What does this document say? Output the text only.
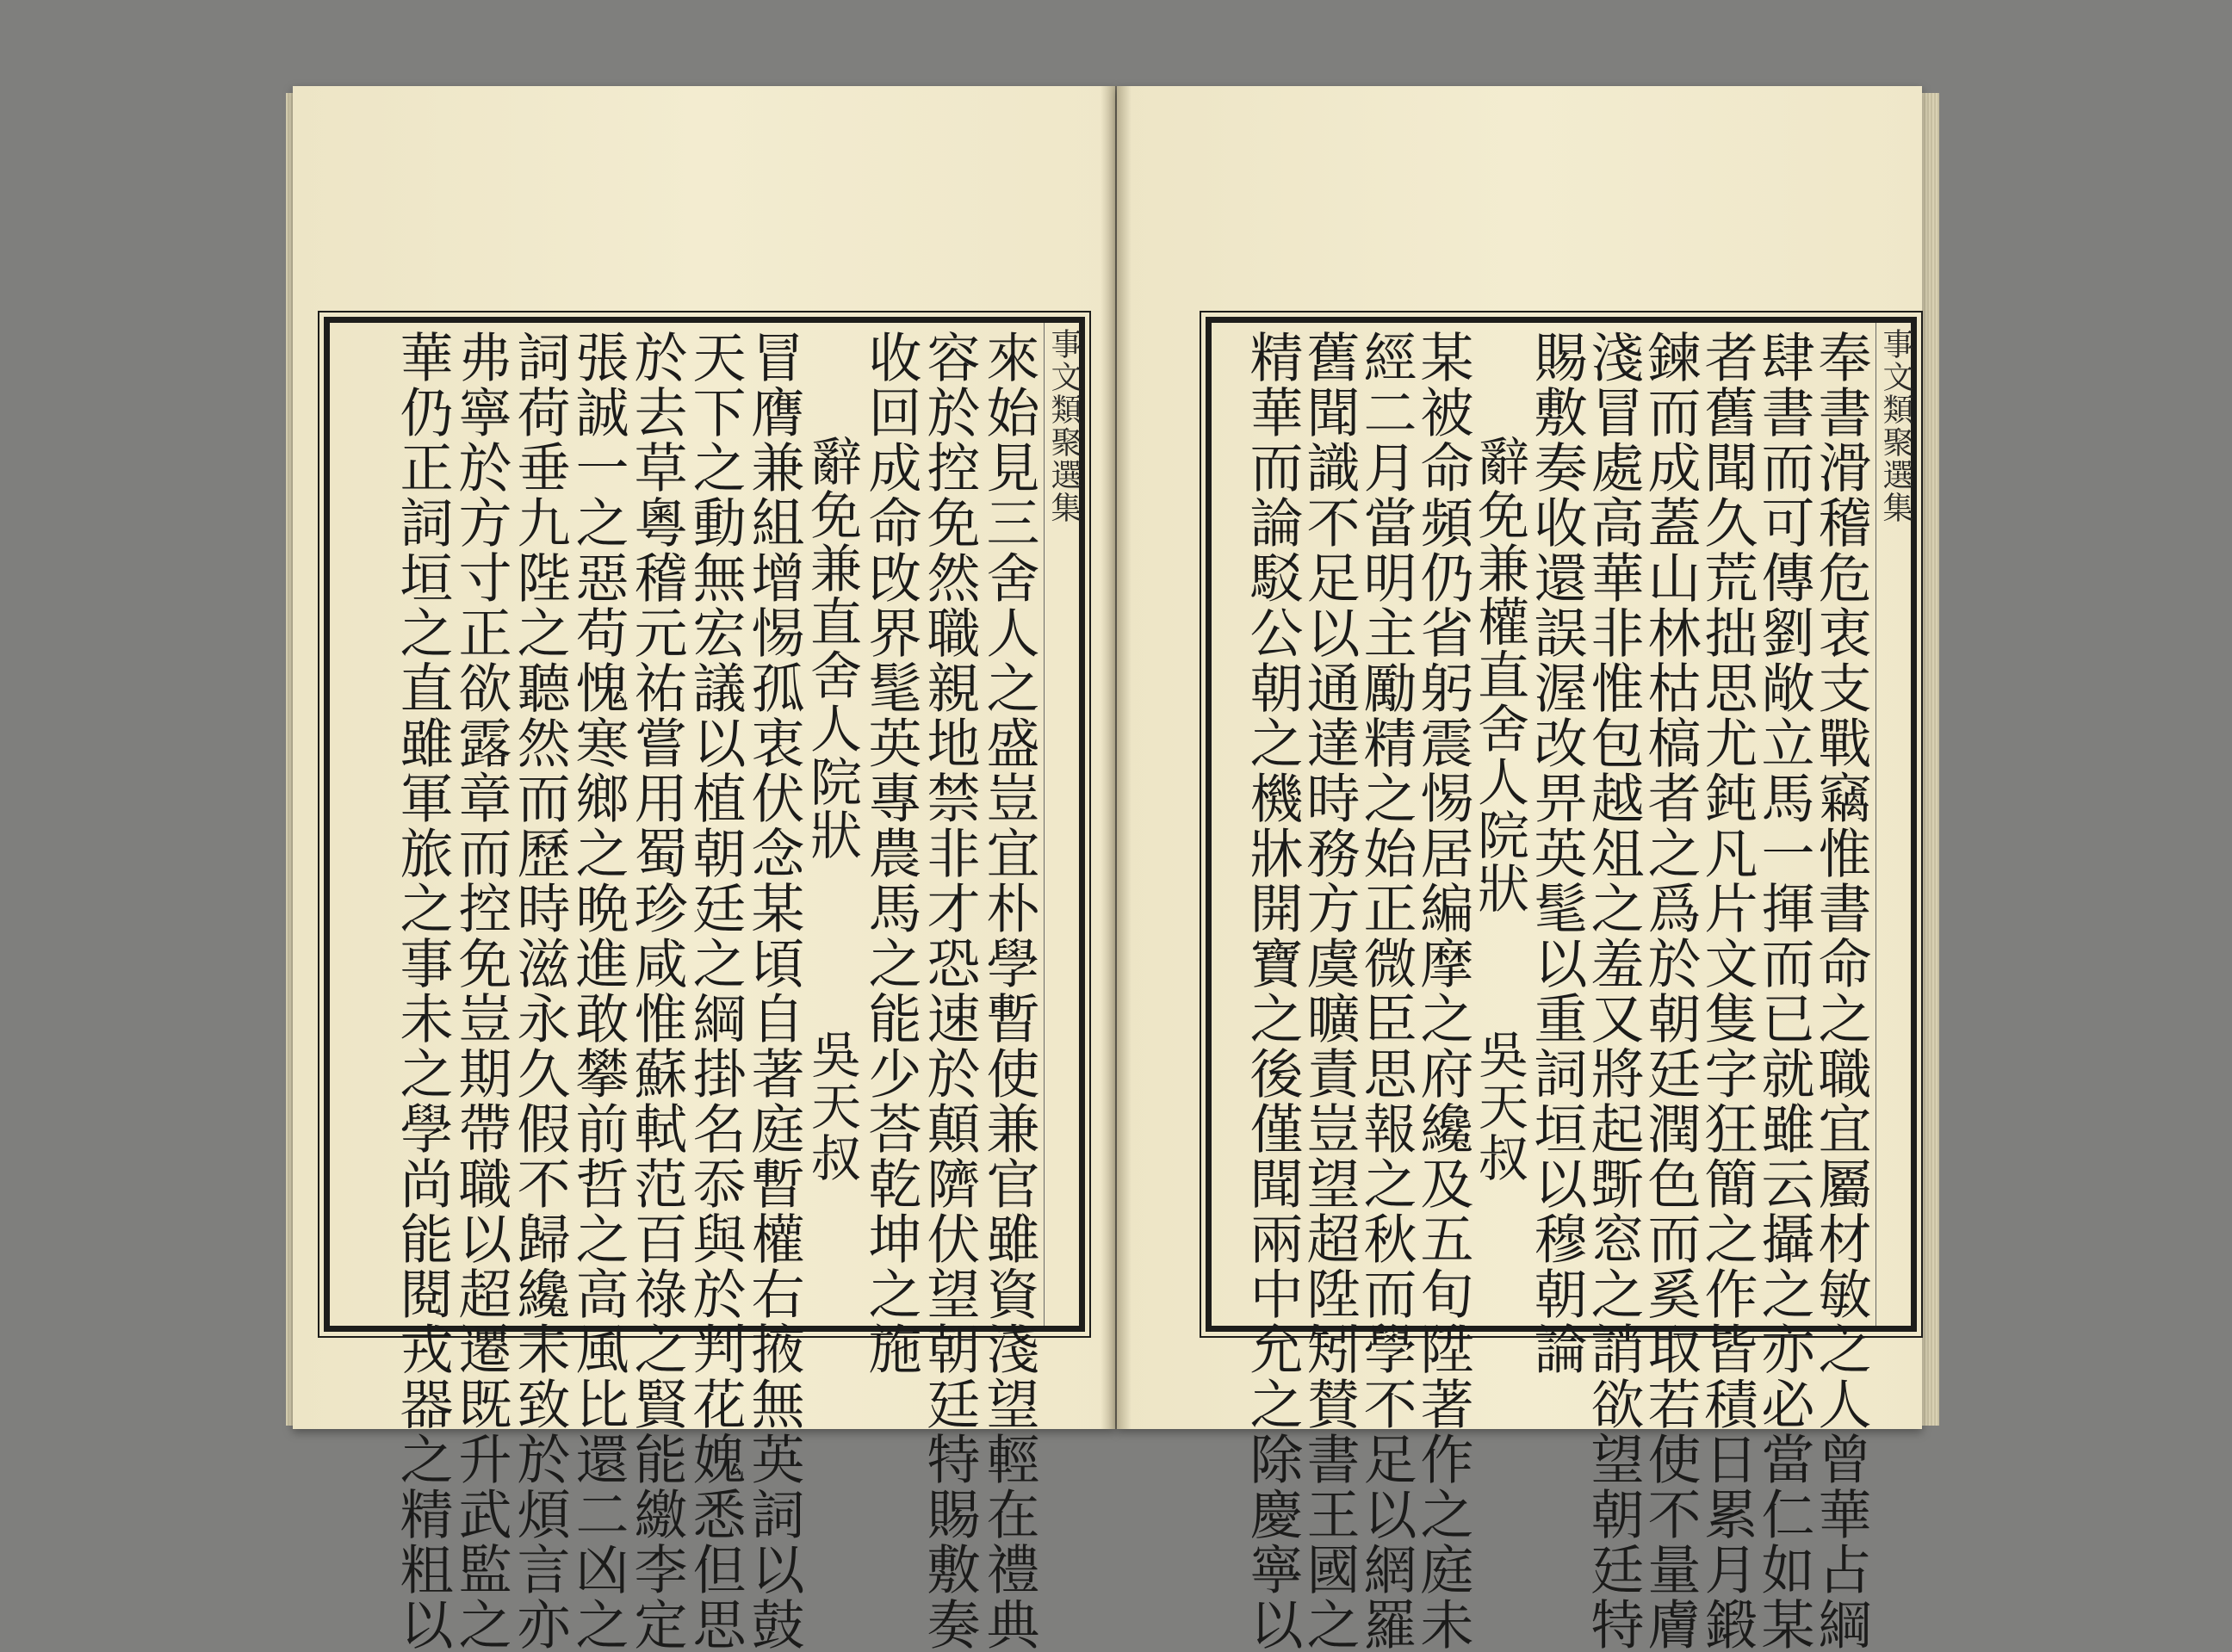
事文類聚選集
來始見三舍人之盛豈宜朴學暫使兼官雖資淺望輕在禮典
容於控免然職親地禁非才恐速於顛隮伏望朝廷特賜敷奏
收回成命攺界髦英專農馬之能少荅乾坤之施
辭免兼直舍人院狀
吳天叔
冒膺兼組增惕孤衷伏念某頃自著庭暫權右掖無英詞以鼓
天下之動無宏議以植朝廷之綱掛名忝與於判花媿悉但思
於去草粵稽元祐嘗用蜀珍咸惟蘇軾范百祿之賢能繳李定
張誠一之惡苟愧寒鄉之晩進敢攀前哲之高風比還二凶之
詞荷垂九陛之聽然而歷時滋永久假不歸纔未致於煩言亦
弗寧於方寸正欲露章而控免豈期帶職以超遷既升武監之
華仍正詞垣之直雖軍旅之事未之學尚能閱戎器之精粗以	事文類聚選集
奉書滑稽危衷支戰竊惟書命之職宜屬材敏之人曾華占綱
肆書而可傳劉敞立馬一揮而已就雖云攝之亦必當仁如某
者舊聞久荒拙思尤鈍凡片文隻字狂簡之作皆積日累月鍛
鍊而成蓋山林枯槁者之爲於朝廷潤色而奚取若使不量膚
淺冒處高華非惟包越俎之羞又將起斲窓之誚欲望朝廷特
賜敷奏收還誤渥改畀英髦以重詞垣以穆朝論
辭免兼權直舍人院狀
吳天叔
某被命頻仍省躬震惕居編摩之府纔及五旬陞著作之庭未
經二月當明主勵精之始正微臣思報之秋而學不足以網羅
舊聞識不足以通達時務方虞曠責豈望超陞矧賛書王國之
精華而論駁公朝之機牀開寶之後僅聞兩中允之除慶寧以
